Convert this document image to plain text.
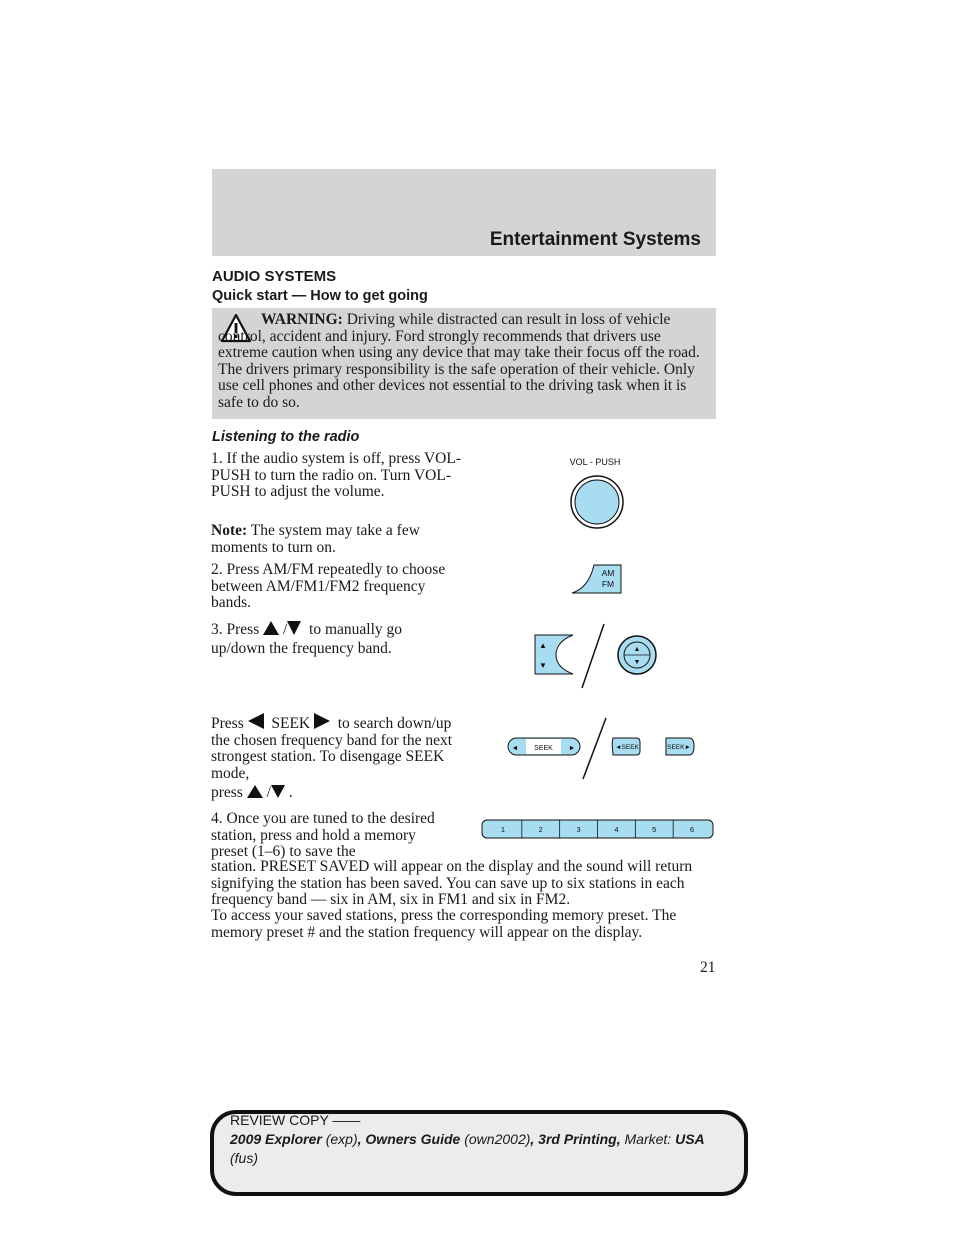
Entertainment Systems
AUDIO SYSTEMS
Quick start — How to get going
WARNING: Driving while distracted can result in loss of vehicle control, accident and injury. Ford strongly recommends that drivers use extreme caution when using any device that may take their focus off the road. The drivers primary responsibility is the safe operation of their vehicle. Only use cell phones and other devices not essential to the driving task when it is safe to do so.
Listening to the radio
1. If the audio system is off, press VOL-PUSH to turn the radio on. Turn VOL-PUSH to adjust the volume.
Note: The system may take a few moments to turn on.
2. Press AM/FM repeatedly to choose between AM/FM1/FM2 frequency bands.
3. Press / to manually go up/down the frequency band.
Press SEEK to search down/up the chosen frequency band for the next strongest station. To disengage SEEK mode,
press / .
4. Once you are tuned to the desired station, press and hold a memory preset (1–6) to save the
station. PRESET SAVED will appear on the display and the sound will return signifying the station has been saved. You can save up to six stations in each frequency band — six in AM, six in FM1 and six in FM2.
To access your saved stations, press the corresponding memory preset. The memory preset # and the station frequency will appear on the display.
21
VOL - PUSH
AM
FM
▲
▼
▲
▼
◄ SEEK ►	◄SEEK	SEEK►
1	2	3	4	5	6
REVIEW COPY ——
2009 Explorer (exp), Owners Guide (own2002), 3rd Printing, Market: USA
(fus)
